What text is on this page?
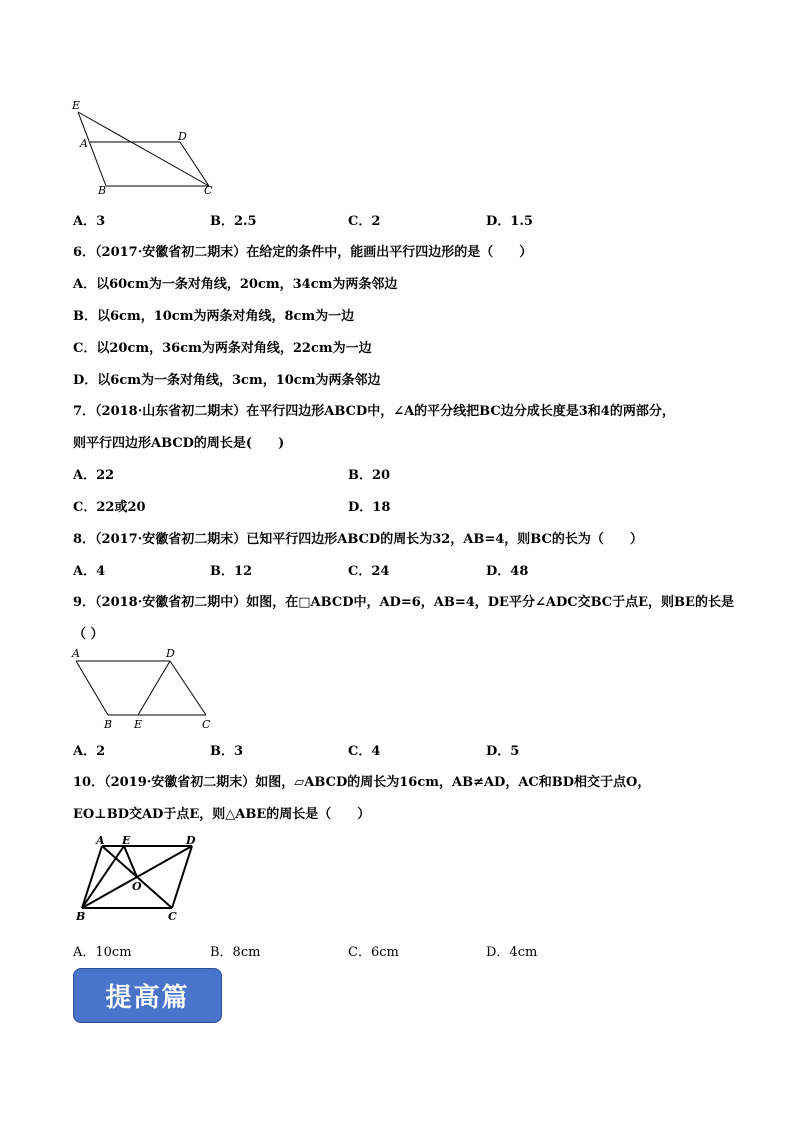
E
A
D
B	C
A．3	B．2.5	C．2	D．1.5
6．（2017·安徽省初二期末）在给定的条件中，能画出平行四边形的是（　　）
A．以60cm为一条对角线，20cm，34cm为两条邻边
B．以6cm，10cm为两条对角线，8cm为一边
C．以20cm，36cm为两条对角线，22cm为一边
D．以6cm为一条对角线，3cm，10cm为两条邻边
7．（2018·山东省初二期末）在平行四边形ABCD中，∠A的平分线把BC边分成长度是3和4的两部分，
则平行四边形ABCD的周长是(　　)
A．22	B．20
C．22或20	D．18
8．（2017·安徽省初二期末）已知平行四边形ABCD的周长为32，AB=4，则BC的长为（　　）
A．4	B．12	C．24	D．48
9．（2018·安徽省初二期中）如图，在□ABCD中，AD=6，AB=4，DE平分∠ADC交BC于点E，则BE的长是
（ ）
A	D
B E	C
A．2	B．3	C．4	D．5
10．（2019·安徽省初二期末）如图，▱ABCD的周长为16cm，AB≠AD，AC和BD相交于点O，
EO⊥BD交AD于点E，则△ABE的周长是（　　）
A E	D
O
B	C
A．10cm	B．8cm	C．6cm	D．4cm
提高篇
